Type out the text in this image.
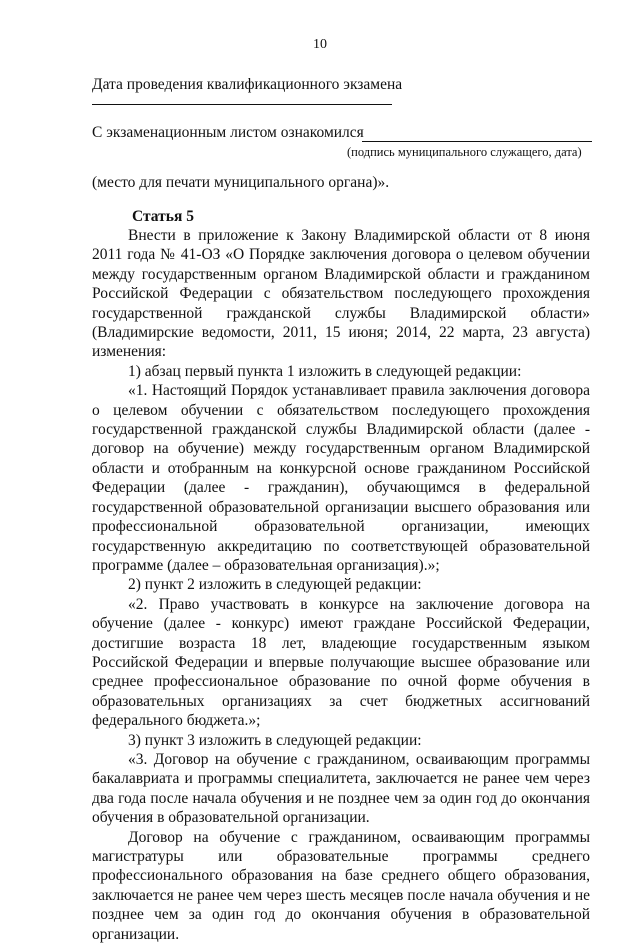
10
Дата проведения квалификационного экзамена
С экзаменационным листом ознакомился
(подпись муниципального служащего, дата)
(место для печати муниципального органа)».
Статья 5

Внести в приложение к Закону Владимирской области от 8 июня 2011 года № 41-ОЗ «О Порядке заключения договора о целевом обучении между государственным органом Владимирской области и гражданином Российской Федерации с обязательством последующего прохождения государственной гражданской службы Владимирской области» (Владимирские ведомости, 2011, 15 июня; 2014, 22 марта, 23 августа) изменения:

1) абзац первый пункта 1 изложить в следующей редакции:

«1. Настоящий Порядок устанавливает правила заключения договора о целевом обучении с обязательством последующего прохождения государственной гражданской службы Владимирской области (далее - договор на обучение) между государственным органом Владимирской области и отобранным на конкурсной основе гражданином Российской Федерации (далее - гражданин), обучающимся в федеральной государственной образовательной организации высшего образования или профессиональной образовательной организации, имеющих государственную аккредитацию по соответствующей образовательной программе (далее – образовательная организация).»;

2) пункт 2 изложить в следующей редакции:

«2. Право участвовать в конкурсе на заключение договора на обучение (далее - конкурс) имеют граждане Российской Федерации, достигшие возраста 18 лет, владеющие государственным языком Российской Федерации и впервые получающие высшее образование или среднее профессиональное образование по очной форме обучения в образовательных организациях за счет бюджетных ассигнований федерального бюджета.»;

3) пункт 3 изложить в следующей редакции:

«3. Договор на обучение с гражданином, осваивающим программы бакалавриата и программы специалитета, заключается не ранее чем через два года после начала обучения и не позднее чем за один год до окончания обучения в образовательной организации.

Договор на обучение с гражданином, осваивающим программы магистратуры или образовательные программы среднего профессионального образования на базе среднего общего образования, заключается не ранее чем через шесть месяцев после начала обучения и не позднее чем за один год до окончания обучения в образовательной организации.
